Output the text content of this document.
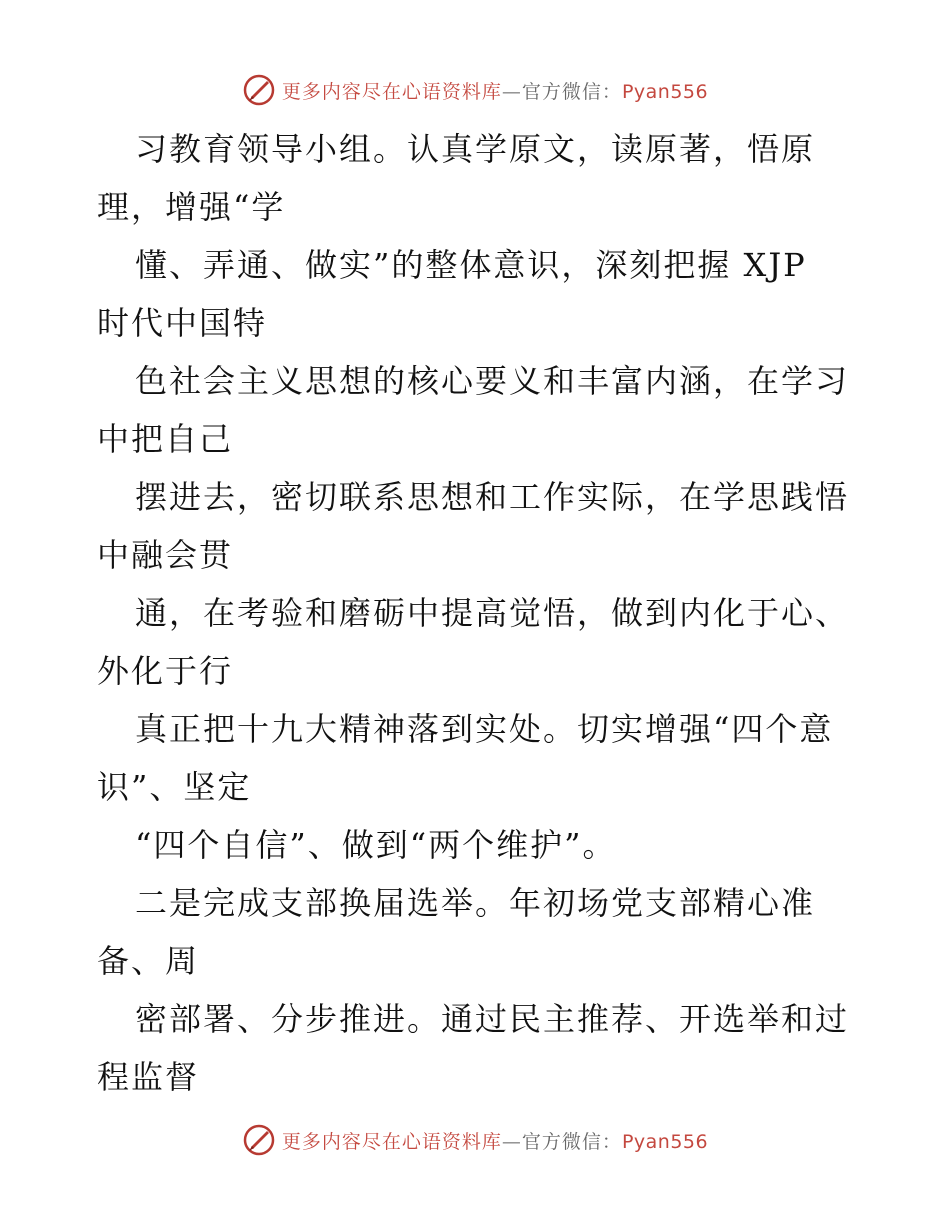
更多内容尽在心语资料库—官方微信：Pyan556
习教育领导小组。认真学原文，读原著，悟原
理，增强“学
懂、弄通、做实”的整体意识，深刻把握 XJP
时代中国特
色社会主义思想的核心要义和丰富内涵，在学习
中把自己
摆进去，密切联系思想和工作实际，在学思践悟
中融会贯
通，在考验和磨砺中提高觉悟，做到内化于心、
外化于行
真正把十九大精神落到实处。切实增强“四个意
识”、坚定
“四个自信”、做到“两个维护”。
二是完成支部换届选举。年初场党支部精心准
备、周
密部署、分步推进。通过民主推荐、开选举和过
程监督
更多内容尽在心语资料库—官方微信：Pyan556
